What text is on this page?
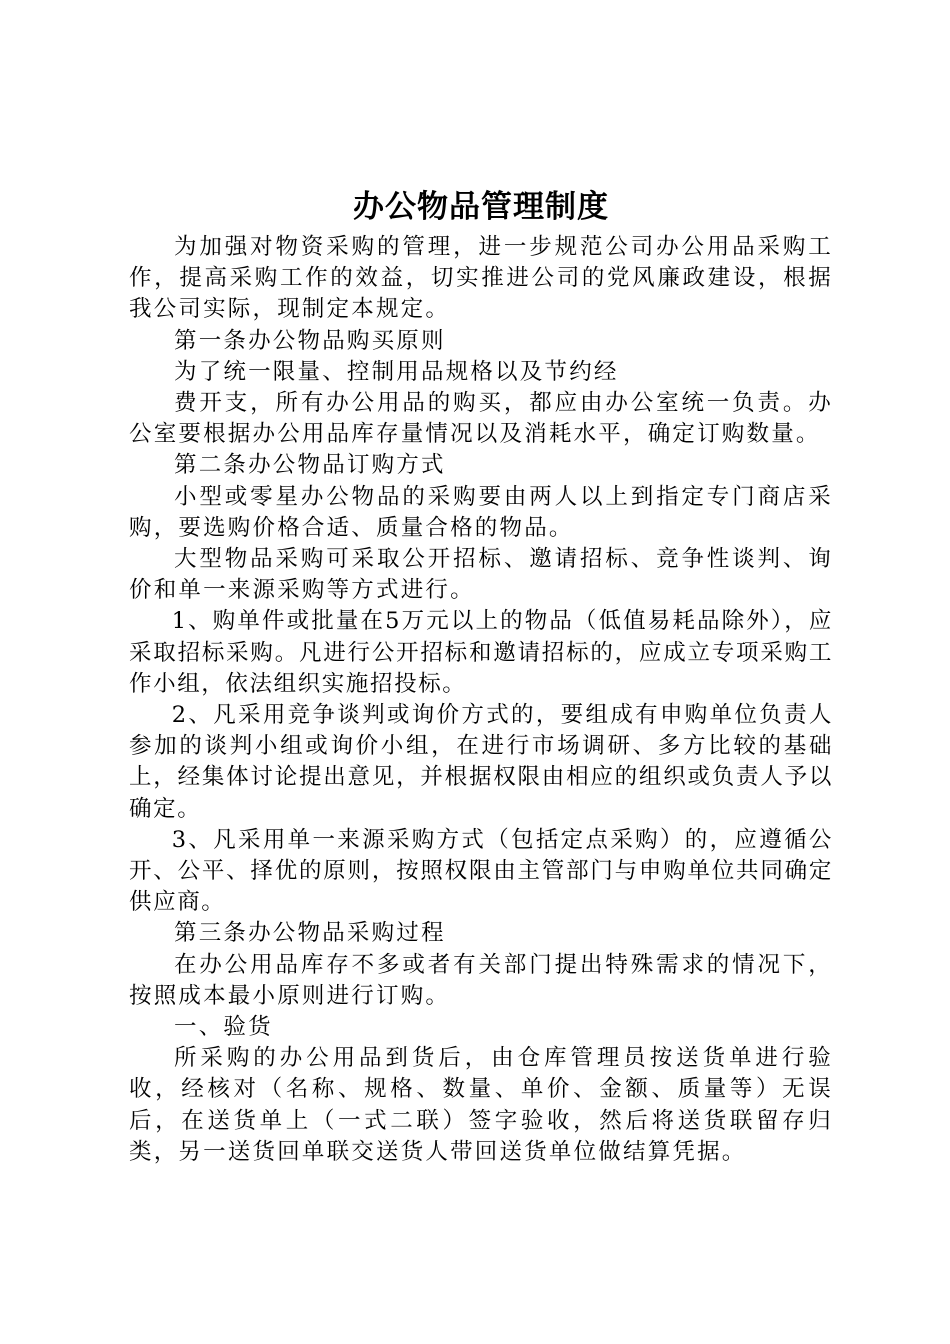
办公物品管理制度

为加强对物资采购的管理，进一步规范公司办公用品采购工作，提高采购工作的效益，切实推进公司的党风廉政建设，根据我公司实际，现制定本规定。

第一条办公物品购买原则

为了统一限量、控制用品规格以及节约经

费开支，所有办公用品的购买，都应由办公室统一负责。办公室要根据办公用品库存量情况以及消耗水平，确定订购数量。

第二条办公物品订购方式

小型或零星办公物品的采购要由两人以上到指定专门商店采购，要选购价格合适、质量合格的物品。

大型物品采购可采取公开招标、邀请招标、竞争性谈判、询价和单一来源采购等方式进行。

1、购单件或批量在5万元以上的物品（低值易耗品除外），应采取招标采购。凡进行公开招标和邀请招标的，应成立专项采购工作小组，依法组织实施招投标。

2、凡采用竞争谈判或询价方式的，要组成有申购单位负责人参加的谈判小组或询价小组，在进行市场调研、多方比较的基础上，经集体讨论提出意见，并根据权限由相应的组织或负责人予以确定。

3、凡采用单一来源采购方式（包括定点采购）的，应遵循公开、公平、择优的原则，按照权限由主管部门与申购单位共同确定供应商。

第三条办公物品采购过程

在办公用品库存不多或者有关部门提出特殊需求的情况下，按照成本最小原则进行订购。

一、验货

所采购的办公用品到货后，由仓库管理员按送货单进行验收，经核对（名称、规格、数量、单价、金额、质量等）无误后，在送货单上（一式二联）签字验收，然后将送货联留存归类，另一送货回单联交送货人带回送货单位做结算凭据。
